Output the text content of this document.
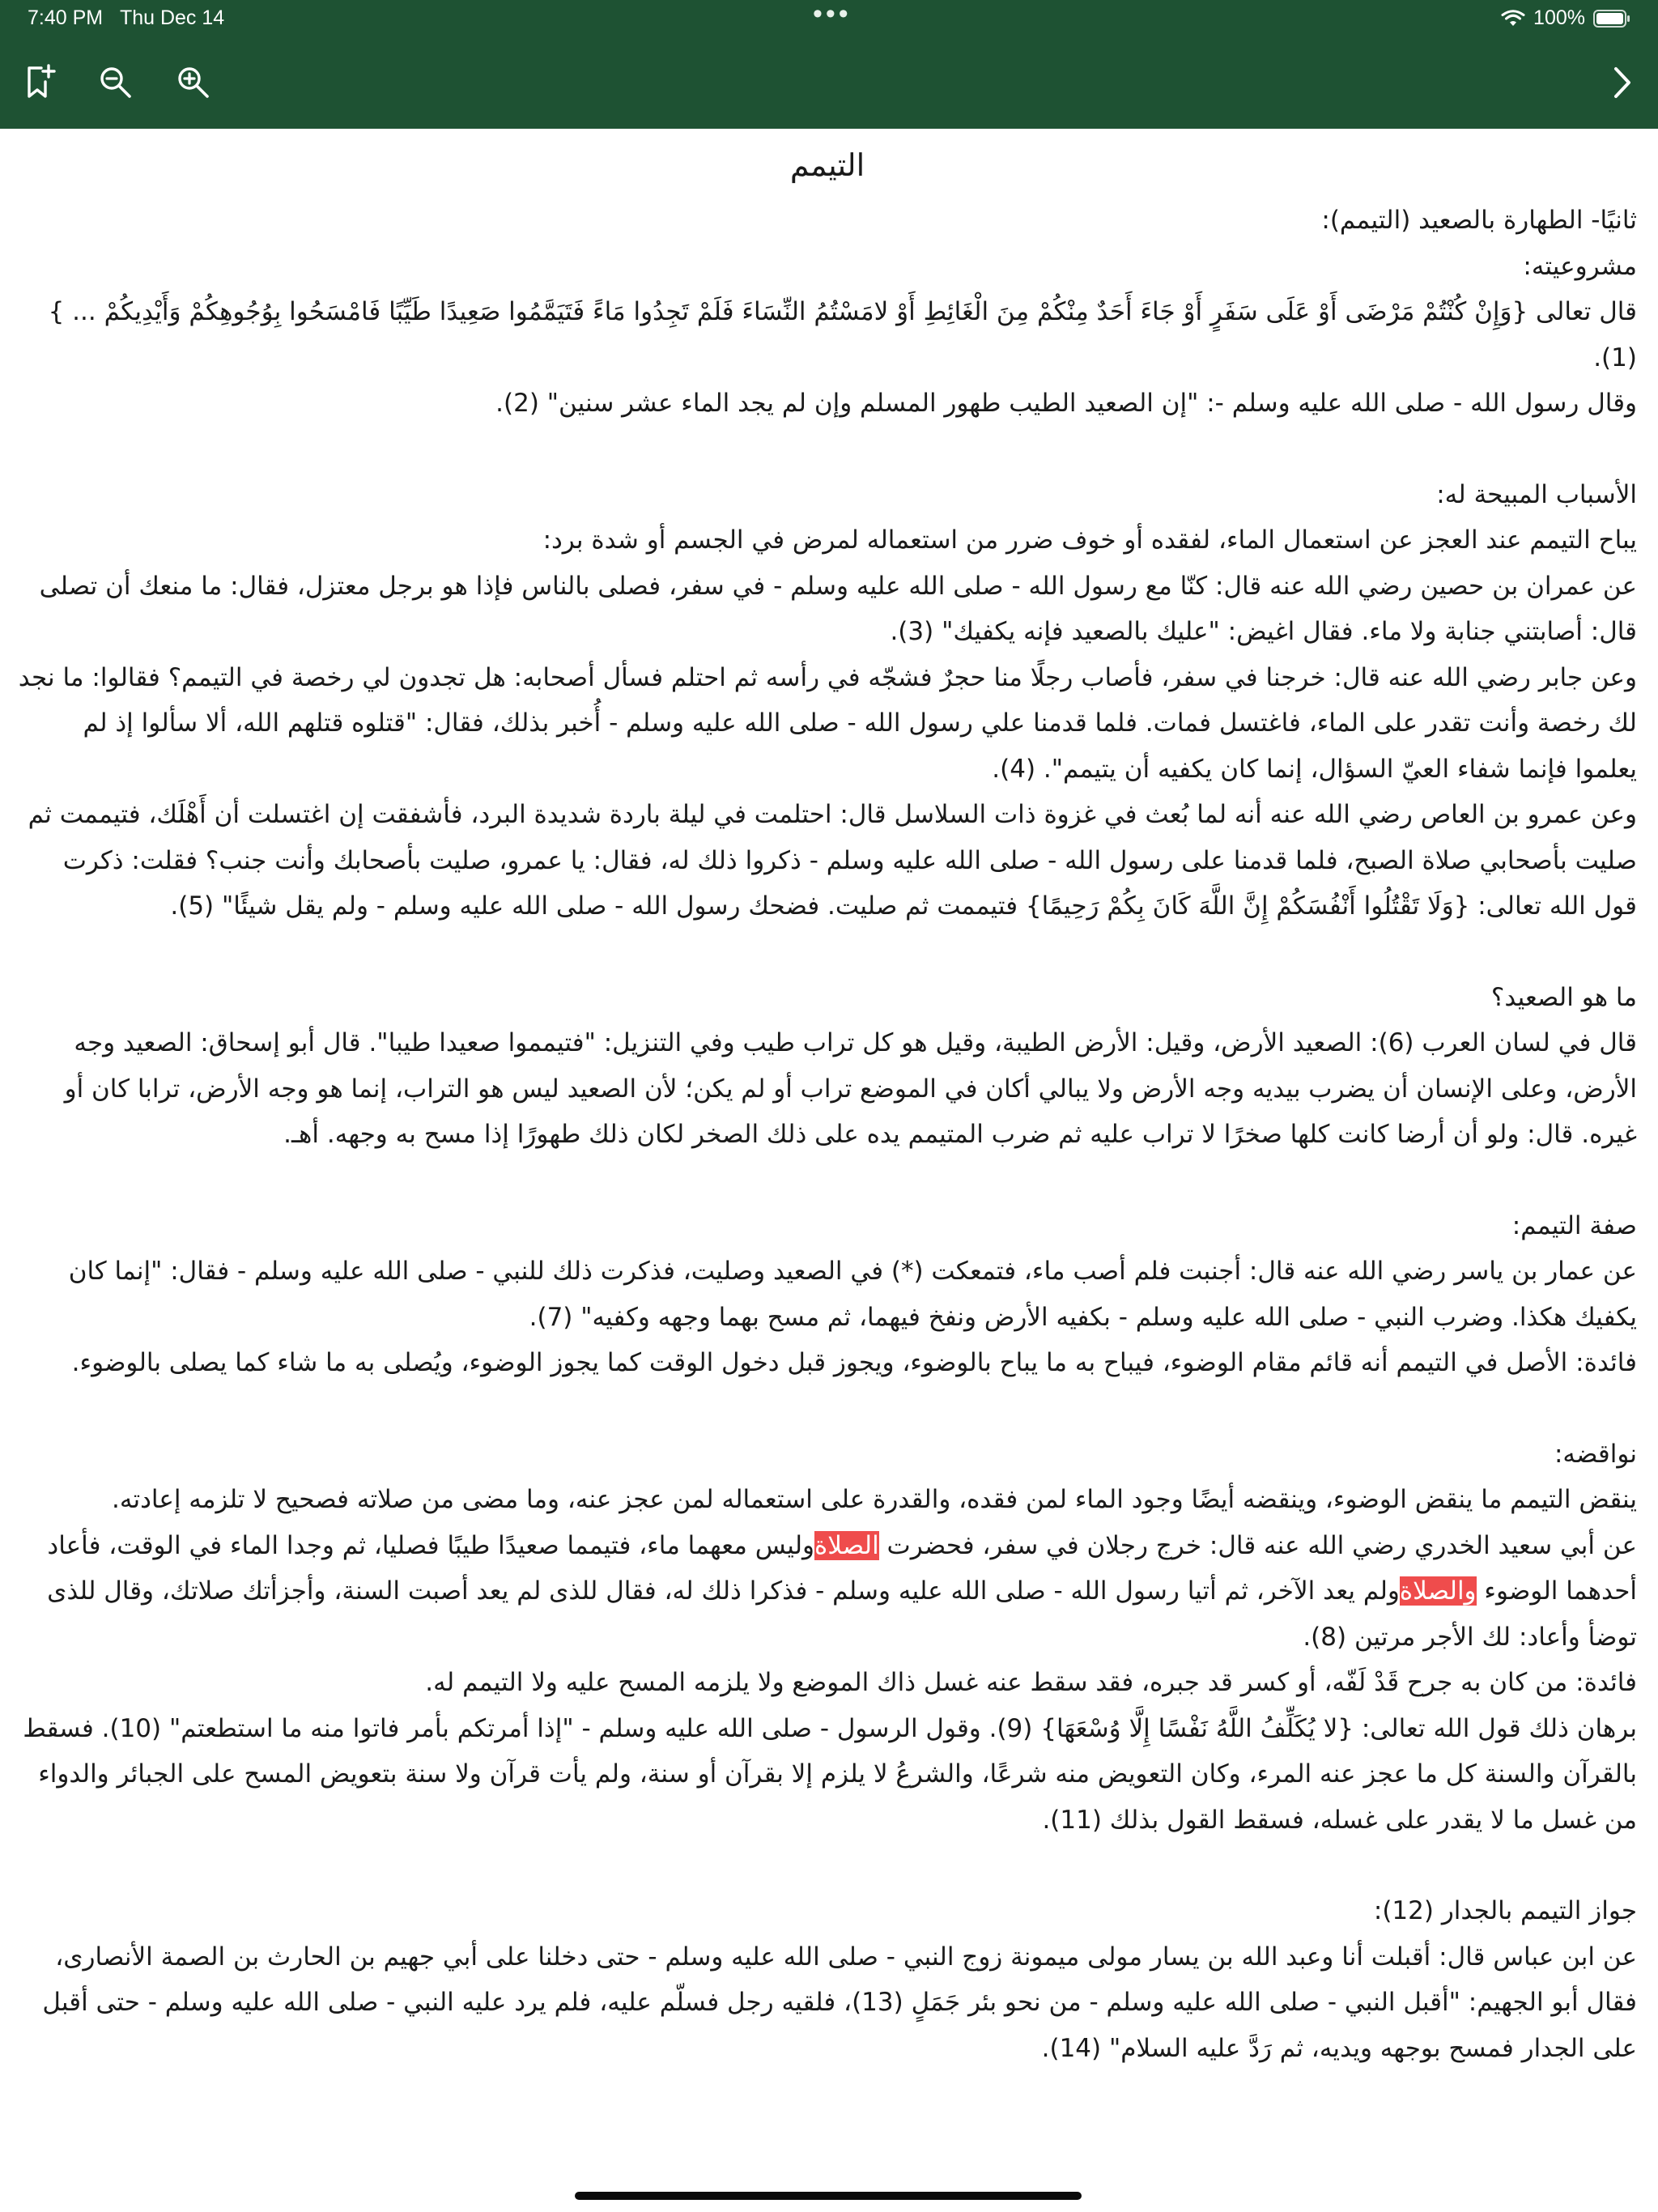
7:40 PM Thu Dec 14	•••	100%

التيمم

ثانيًا- الطهارة بالصعيد (التيمم):

مشروعيته:

قال تعالى {وَإِنْ كُنْتُمْ مَرْضَى أَوْ عَلَى سَفَرٍ أَوْ جَاءَ أَحَدٌ مِنْكُمْ مِنَ الْغَائِطِ أَوْ لامَسْتُمُ النِّسَاءَ فَلَمْ تَجِدُوا مَاءً فَتَيَمَّمُوا صَعِيدًا طَيِّبًا فَامْسَحُوا بِوُجُوهِكُمْ وَأَيْدِيكُمْ ... } (1).

وقال رسول الله - صلى الله عليه وسلم -: "إن الصعيد الطيب طهور المسلم وإن لم يجد الماء عشر سنين" (2).

الأسباب المبيحة له:

يباح التيمم عند العجز عن استعمال الماء، لفقده أو خوف ضرر من استعماله لمرض في الجسم أو شدة برد:

عن عمران بن حصين رضي الله عنه قال: كنّا مع رسول الله - صلى الله عليه وسلم - في سفر، فصلى بالناس فإذا هو برجل معتزل، فقال: ما منعك أن تصلى قال: أصابتني جنابة ولا ماء. فقال اغيض: "عليك بالصعيد فإنه يكفيك" (3).

وعن جابر رضي الله عنه قال: خرجنا في سفر، فأصاب رجلًا منا حجرٌ فشجّه في رأسه ثم احتلم فسأل أصحابه: هل تجدون لي رخصة في التيمم؟ فقالوا: ما نجد لك رخصة وأنت تقدر على الماء، فاغتسل فمات. فلما قدمنا علي رسول الله - صلى الله عليه وسلم - أُخبر بذلك، فقال: "قتلوه قتلهم الله، ألا سألوا إذ لم يعلموا فإنما شفاء العيّ السؤال، إنما كان يكفيه أن يتيمم". (4).

وعن عمرو بن العاص رضي الله عنه أنه لما بُعث في غزوة ذات السلاسل قال: احتلمت في ليلة باردة شديدة البرد، فأشفقت إن اغتسلت أن أَهْلَك، فتيممت ثم صليت بأصحابي صلاة الصبح، فلما قدمنا على رسول الله - صلى الله عليه وسلم - ذكروا ذلك له، فقال: يا عمرو، صليت بأصحابك وأنت جنب؟ فقلت: ذكرت قول الله تعالى: {وَلَا تَقْتُلُوا أَنْفُسَكُمْ إِنَّ اللَّهَ كَانَ بِكُمْ رَحِيمًا} فتيممت ثم صليت. فضحك رسول الله - صلى الله عليه وسلم - ولم يقل شيئًا" (5).

ما هو الصعيد؟

قال في لسان العرب (6): الصعيد الأرض، وقيل: الأرض الطيبة، وقيل هو كل تراب طيب وفي التنزيل: "فتيمموا صعيدا طيبا". قال أبو إسحاق: الصعيد وجه الأرض، وعلى الإنسان أن يضرب بيديه وجه الأرض ولا يبالي أكان في الموضع تراب أو لم يكن؛ لأن الصعيد ليس هو التراب، إنما هو وجه الأرض، ترابا كان أو غيره. قال: ولو أن أرضا كانت كلها صخرًا لا تراب عليه ثم ضرب المتيمم يده على ذلك الصخر لكان ذلك طهورًا إذا مسح به وجهه. أهـ.

صفة التيمم:

عن عمار بن ياسر رضي الله عنه قال: أجنبت فلم أصب ماء، فتمعكت (*) في الصعيد وصليت، فذكرت ذلك للنبي - صلى الله عليه وسلم - فقال: "إنما كان يكفيك هكذا. وضرب النبي - صلى الله عليه وسلم - بكفيه الأرض ونفخ فيهما، ثم مسح بهما وجهه وكفيه" (7).

فائدة: الأصل في التيمم أنه قائم مقام الوضوء، فيباح به ما يباح بالوضوء، ويجوز قبل دخول الوقت كما يجوز الوضوء، ويُصلى به ما شاء كما يصلى بالوضوء.

نواقضه:

ينقض التيمم ما ينقض الوضوء، وينقضه أيضًا وجود الماء لمن فقده، والقدرة على استعماله لمن عجز عنه، وما مضى من صلاته فصحيح لا تلزمه إعادته.

عن أبي سعيد الخدري رضي الله عنه قال: خرج رجلان في سفر، فحضرت الصلاةوليس معهما ماء، فتيمما صعيدًا طيبًا فصليا، ثم وجدا الماء في الوقت، فأعاد أحدهما الوضوء والصلاةولم يعد الآخر، ثم أتيا رسول الله - صلى الله عليه وسلم - فذكرا ذلك له، فقال للذى لم يعد أصبت السنة، وأجزأتك صلاتك، وقال للذى توضأ وأعاد: لك الأجر مرتين (8).

فائدة: من كان به جرح قَدْ لَفّه، أو كسر قد جبره، فقد سقط عنه غسل ذاك الموضع ولا يلزمه المسح عليه ولا التيمم له.

برهان ذلك قول الله تعالى: {لا يُكَلِّفُ اللَّهُ نَفْسًا إِلَّا وُسْعَهَا} (9). وقول الرسول - صلى الله عليه وسلم - "إذا أمرتكم بأمر فاتوا منه ما استطعتم" (10). فسقط بالقرآن والسنة كل ما عجز عنه المرء، وكان التعويض منه شرعًا، والشرعُ لا يلزم إلا بقرآن أو سنة، ولم يأت قرآن ولا سنة بتعويض المسح على الجبائر والدواء من غسل ما لا يقدر على غسله، فسقط القول بذلك (11).

جواز التيمم بالجدار (12):

عن ابن عباس قال: أقبلت أنا وعبد الله بن يسار مولى ميمونة زوج النبي - صلى الله عليه وسلم - حتى دخلنا على أبي جهيم بن الحارث بن الصمة الأنصارى، فقال أبو الجهيم: "أقبل النبي - صلى الله عليه وسلم - من نحو بئر جَمَلٍ (13)، فلقيه رجل فسلّم عليه، فلم يرد عليه النبي - صلى الله عليه وسلم - حتى أقبل على الجدار فمسح بوجهه ويديه، ثم رَدَّ عليه السلام" (14).
